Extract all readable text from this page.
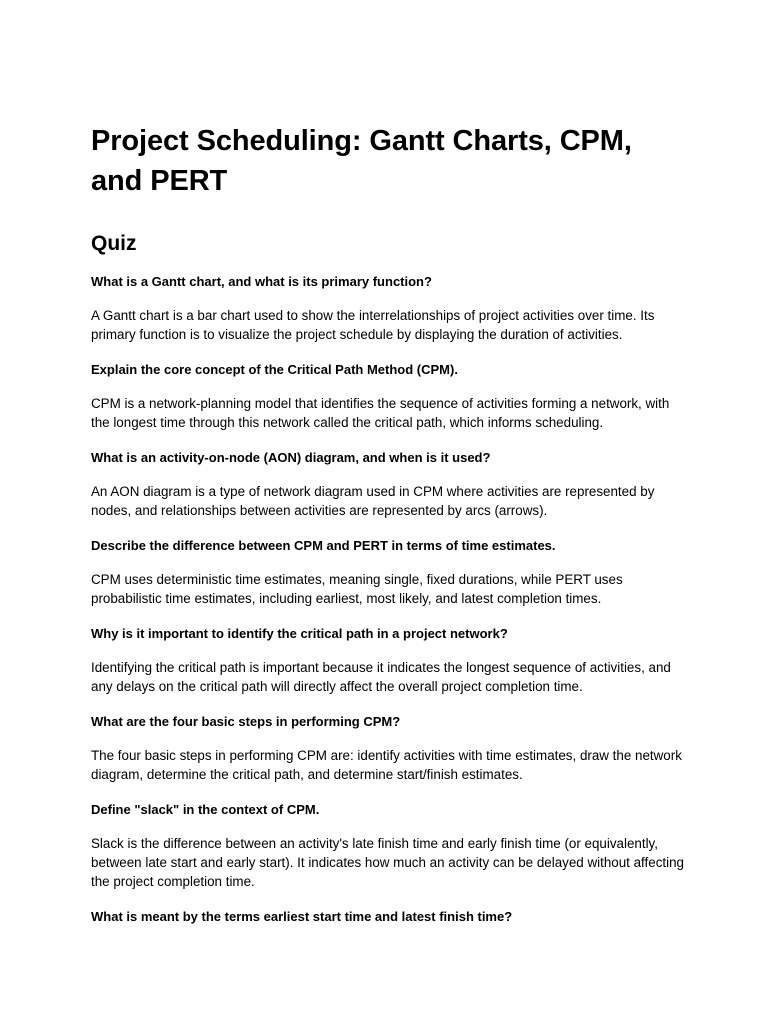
Project Scheduling: Gantt Charts, CPM, and PERT
Quiz

What is a Gantt chart, and what is its primary function?

A Gantt chart is a bar chart used to show the interrelationships of project activities over time. Its primary function is to visualize the project schedule by displaying the duration of activities.

Explain the core concept of the Critical Path Method (CPM).

CPM is a network-planning model that identifies the sequence of activities forming a network, with the longest time through this network called the critical path, which informs scheduling.

What is an activity-on-node (AON) diagram, and when is it used?

An AON diagram is a type of network diagram used in CPM where activities are represented by nodes, and relationships between activities are represented by arcs (arrows).

Describe the difference between CPM and PERT in terms of time estimates.

CPM uses deterministic time estimates, meaning single, fixed durations, while PERT uses probabilistic time estimates, including earliest, most likely, and latest completion times.

Why is it important to identify the critical path in a project network?

Identifying the critical path is important because it indicates the longest sequence of activities, and any delays on the critical path will directly affect the overall project completion time.

What are the four basic steps in performing CPM?

The four basic steps in performing CPM are: identify activities with time estimates, draw the network diagram, determine the critical path, and determine start/finish estimates.

Define "slack" in the context of CPM.

Slack is the difference between an activity's late finish time and early finish time (or equivalently, between late start and early start). It indicates how much an activity can be delayed without affecting the project completion time.

What is meant by the terms earliest start time and latest finish time?
